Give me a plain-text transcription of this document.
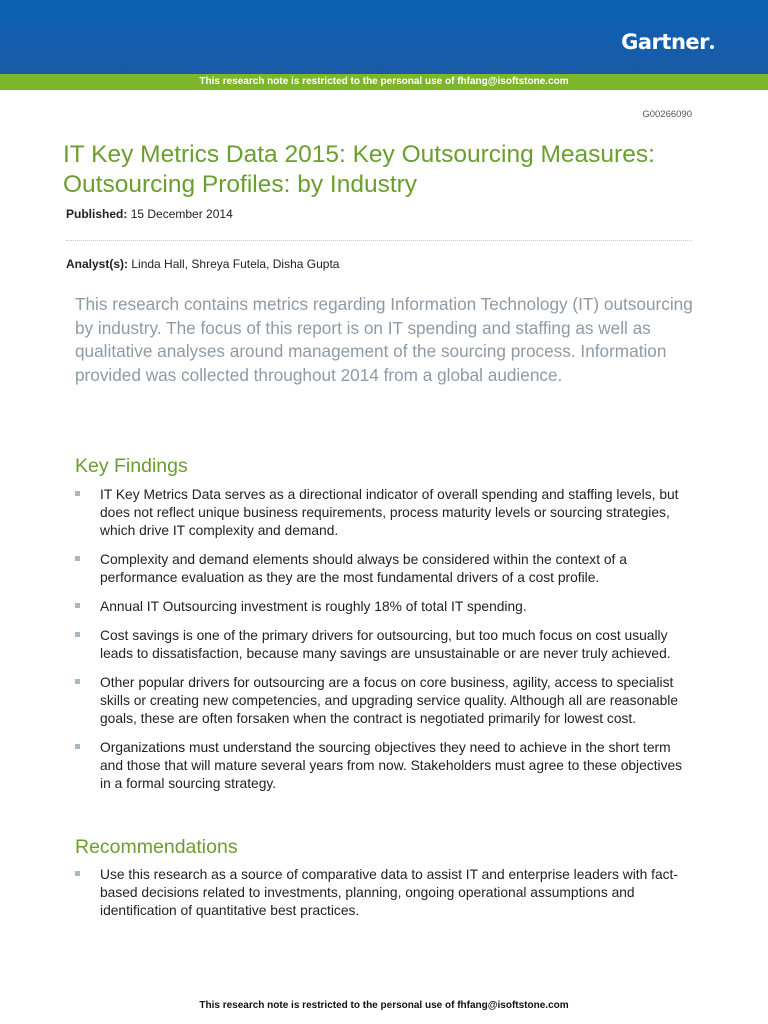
Gartner
This research note is restricted to the personal use of fhfang@isoftstone.com
G00266090
IT Key Metrics Data 2015: Key Outsourcing Measures: Outsourcing Profiles: by Industry
Published: 15 December 2014
Analyst(s): Linda Hall, Shreya Futela, Disha Gupta

This research contains metrics regarding Information Technology (IT) outsourcing by industry. The focus of this report is on IT spending and staffing as well as qualitative analyses around management of the sourcing process. Information provided was collected throughout 2014 from a global audience.

Key Findings
IT Key Metrics Data serves as a directional indicator of overall spending and staffing levels, but does not reflect unique business requirements, process maturity levels or sourcing strategies, which drive IT complexity and demand.
Complexity and demand elements should always be considered within the context of a performance evaluation as they are the most fundamental drivers of a cost profile.
Annual IT Outsourcing investment is roughly 18% of total IT spending.
Cost savings is one of the primary drivers for outsourcing, but too much focus on cost usually leads to dissatisfaction, because many savings are unsustainable or are never truly achieved.
Other popular drivers for outsourcing are a focus on core business, agility, access to specialist skills or creating new competencies, and upgrading service quality. Although all are reasonable goals, these are often forsaken when the contract is negotiated primarily for lowest cost.
Organizations must understand the sourcing objectives they need to achieve in the short term and those that will mature several years from now. Stakeholders must agree to these objectives in a formal sourcing strategy.
Recommendations
Use this research as a source of comparative data to assist IT and enterprise leaders with fact-based decisions related to investments, planning, ongoing operational assumptions and identification of quantitative best practices.
This research note is restricted to the personal use of fhfang@isoftstone.com
